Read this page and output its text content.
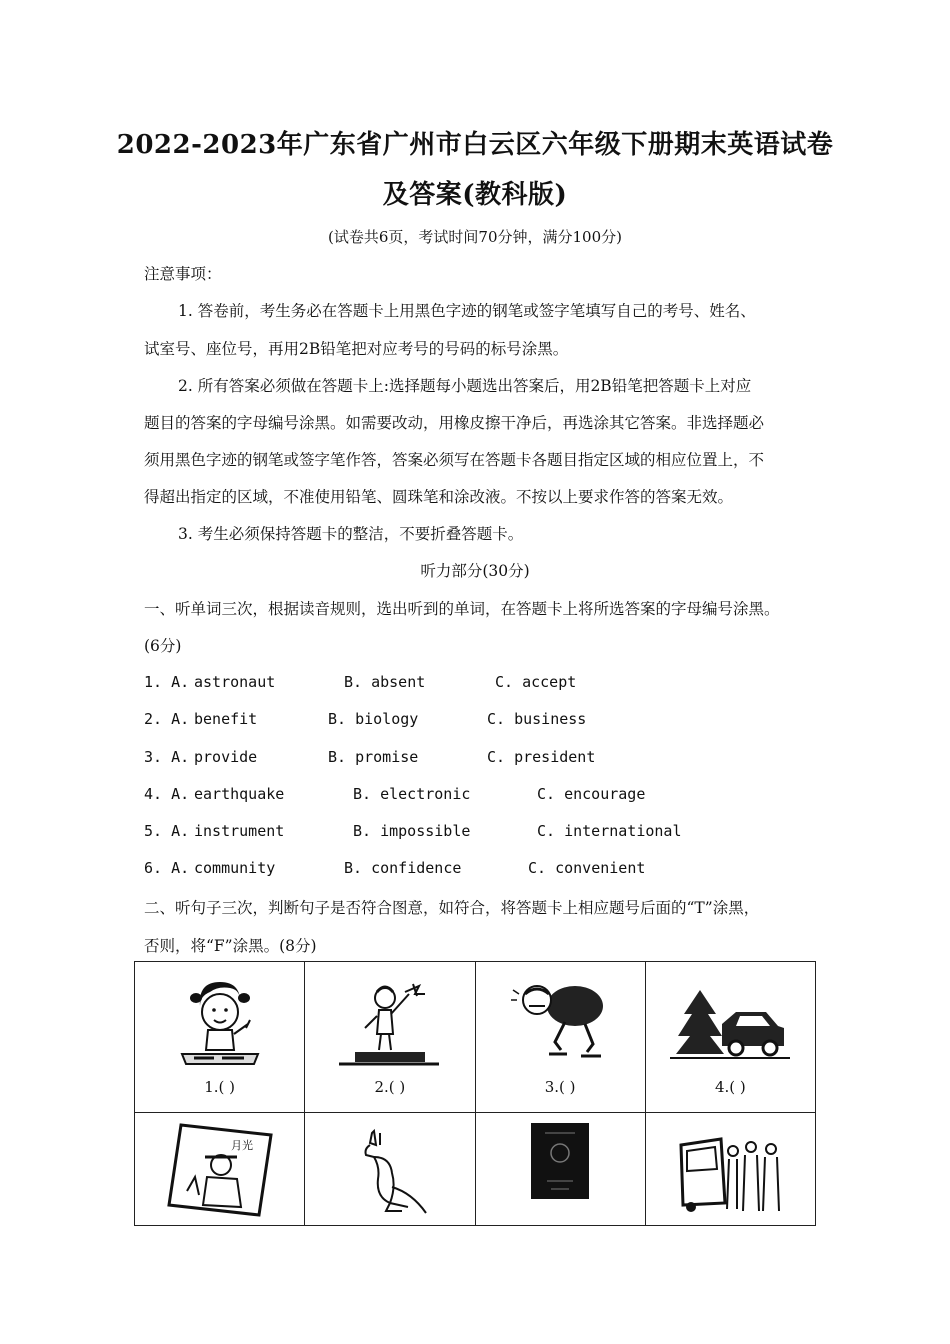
2022-2023年广东省广州市白云区六年级下册期末英语试卷
及答案(教科版)
(试卷共6页，考试时间70分钟，满分100分)
注意事项：
1. 答卷前，考生务必在答题卡上用黑色字迹的钢笔或签字笔填写自己的考号、姓名、
试室号、座位号，再用2B铅笔把对应考号的号码的标号涂黑。
2. 所有答案必须做在答题卡上:选择题每小题选出答案后，用2B铅笔把答题卡上对应
题目的答案的字母编号涂黑。如需要改动，用橡皮擦干净后，再选涂其它答案。非选择题必
须用黑色字迹的钢笔或签字笔作答，答案必须写在答题卡各题目指定区域的相应位置上，不
得超出指定的区域，不准使用铅笔、圆珠笔和涂改液。不按以上要求作答的答案无效。
3. 考生必须保持答题卡的整洁，不要折叠答题卡。
听力部分(30分)
一、听单词三次，根据读音规则，选出听到的单词，在答题卡上将所选答案的字母编号涂黑。
(6分)
1. A. astronaut	B. absent	C. accept
2. A. benefit	B. biology	C. business
3. A. provide	B. promise	C. president
4. A. earthquake	B. electronic	C. encourage
5. A. instrument	B. impossible	C. international
6. A. community	B. confidence	C. convenient
二、听句子三次，判断句子是否符合图意，如符合，将答题卡上相应题号后面的“T”涂黑，
否则，将“F”涂黑。(8分)
1.( )	2.( )	3.( )	4.( )

月光
